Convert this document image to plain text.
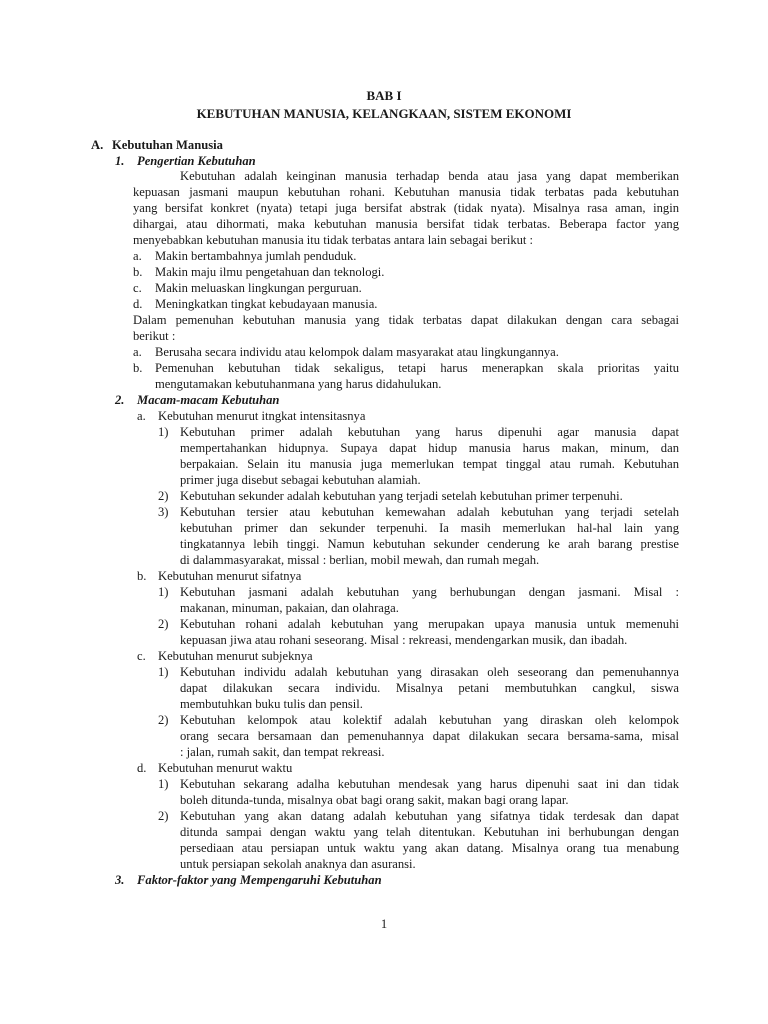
BAB I
KEBUTUHAN MANUSIA, KELANGKAAN, SISTEM EKONOMI
A. Kebutuhan Manusia
1. Pengertian Kebutuhan
Kebutuhan adalah keinginan manusia terhadap benda atau jasa yang dapat memberikan
kepuasan jasmani maupun kebutuhan rohani. Kebutuhan manusia tidak terbatas pada kebutuhan
yang bersifat konkret (nyata) tetapi juga bersifat abstrak (tidak nyata). Misalnya rasa aman, ingin
dihargai, atau dihormati, maka kebutuhan manusia bersifat tidak terbatas. Beberapa factor yang
menyebabkan kebutuhan manusia itu tidak terbatas antara lain sebagai berikut :
a. Makin bertambahnya jumlah penduduk.
b. Makin maju ilmu pengetahuan dan teknologi.
c. Makin meluaskan lingkungan perguruan.
d. Meningkatkan tingkat kebudayaan manusia.
Dalam pemenuhan kebutuhan manusia yang tidak terbatas dapat dilakukan dengan cara sebagai
berikut :
a. Berusaha secara individu atau kelompok dalam masyarakat atau lingkungannya.
b. Pemenuhan kebutuhan tidak sekaligus, tetapi harus menerapkan skala prioritas yaitu
mengutamakan kebutuhanmana yang harus didahulukan.
2. Macam-macam Kebutuhan
a. Kebutuhan menurut itngkat intensitasnya
1) Kebutuhan primer adalah kebutuhan yang harus dipenuhi agar manusia dapat
mempertahankan hidupnya. Supaya dapat hidup manusia harus makan, minum, dan
berpakaian. Selain itu manusia juga memerlukan tempat tinggal atau rumah. Kebutuhan
primer juga disebut sebagai kebutuhan alamiah.
2) Kebutuhan sekunder adalah kebutuhan yang terjadi setelah kebutuhan primer terpenuhi.
3) Kebutuhan tersier atau kebutuhan kemewahan adalah kebutuhan yang terjadi setelah
kebutuhan primer dan sekunder terpenuhi. Ia masih memerlukan hal-hal lain yang
tingkatannya lebih tinggi. Namun kebutuhan sekunder cenderung ke arah barang prestise
di dalammasyarakat, missal : berlian, mobil mewah, dan rumah megah.
b. Kebutuhan menurut sifatnya
1) Kebutuhan jasmani adalah kebutuhan yang berhubungan dengan jasmani. Misal :
makanan, minuman, pakaian, dan olahraga.
2) Kebutuhan rohani adalah kebutuhan yang merupakan upaya manusia untuk memenuhi
kepuasan jiwa atau rohani seseorang. Misal : rekreasi, mendengarkan musik, dan ibadah.
c. Kebutuhan menurut subjeknya
1) Kebutuhan individu adalah kebutuhan yang dirasakan oleh seseorang dan pemenuhannya
dapat dilakukan secara individu. Misalnya petani membutuhkan cangkul, siswa
membutuhkan buku tulis dan pensil.
2) Kebutuhan kelompok atau kolektif adalah kebutuhan yang diraskan oleh kelompok
orang secara bersamaan dan pemenuhannya dapat dilakukan secara bersama-sama, misal
: jalan, rumah sakit, dan tempat rekreasi.
d. Kebutuhan menurut waktu
1) Kebutuhan sekarang adalha kebutuhan mendesak yang harus dipenuhi saat ini dan tidak
boleh ditunda-tunda, misalnya obat bagi orang sakit, makan bagi orang lapar.
2) Kebutuhan yang akan datang adalah kebutuhan yang sifatnya tidak terdesak dan dapat
ditunda sampai dengan waktu yang telah ditentukan. Kebutuhan ini berhubungan dengan
persediaan atau persiapan untuk waktu yang akan datang. Misalnya orang tua menabung
untuk persiapan sekolah anaknya dan asuransi.
3. Faktor-faktor yang Mempengaruhi Kebutuhan
1
